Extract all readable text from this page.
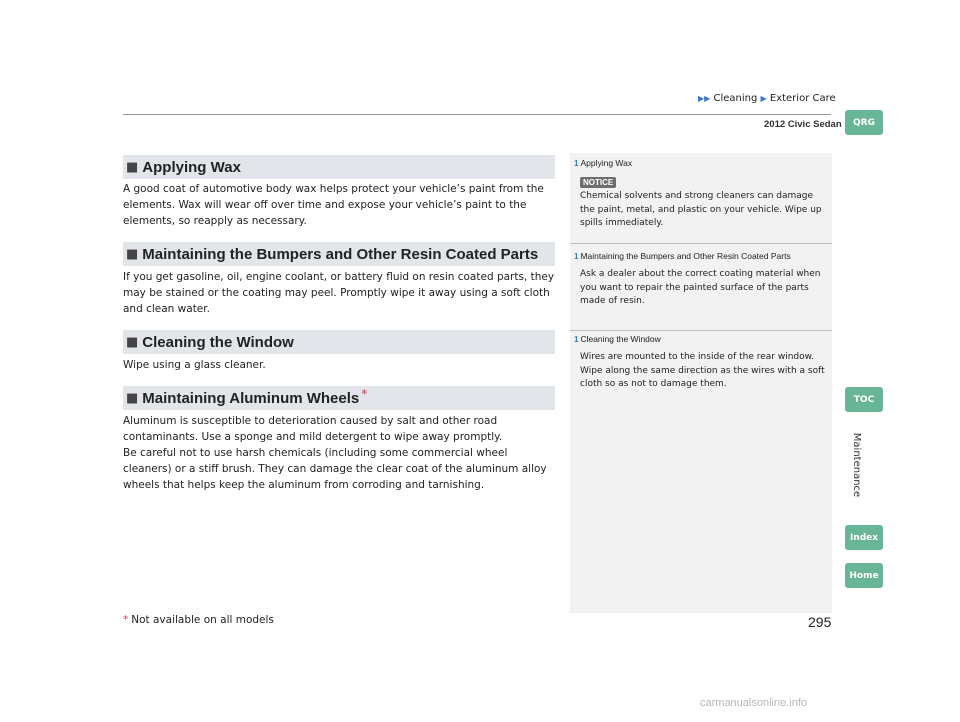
▶▶ Cleaning ▶ Exterior Care
2012 Civic Sedan	QRG
TOC
Maintenance
Index
Home
■ Applying Wax

A good coat of automotive body wax helps protect your vehicle’s paint from the elements. Wax will wear off over time and expose your vehicle’s paint to the elements, so reapply as necessary.

■ Maintaining the Bumpers and Other Resin Coated Parts

If you get gasoline, oil, engine coolant, or battery fluid on resin coated parts, they may be stained or the coating may peel. Promptly wipe it away using a soft cloth and clean water.

■ Cleaning the Window

Wipe using a glass cleaner.

■ Maintaining Aluminum Wheels *

Aluminum is susceptible to deterioration caused by salt and other road contaminants. Use a sponge and mild detergent to wipe away promptly.

Be careful not to use harsh chemicals (including some commercial wheel cleaners) or a stiff brush. They can damage the clear coat of the aluminum alloy wheels that helps keep the aluminum from corroding and tarnishing.

1 Applying Wax
NOTICE

Chemical solvents and strong cleaners can damage the paint, metal, and plastic on your vehicle. Wipe up spills immediately.

1 Maintaining the Bumpers and Other Resin Coated Parts

Ask a dealer about the correct coating material when you want to repair the painted surface of the parts made of resin.

1 Cleaning the Window

Wires are mounted to the inside of the rear window. Wipe along the same direction as the wires with a soft cloth so as not to damage them.

* Not available on all models	295
carmanualsonline.info
